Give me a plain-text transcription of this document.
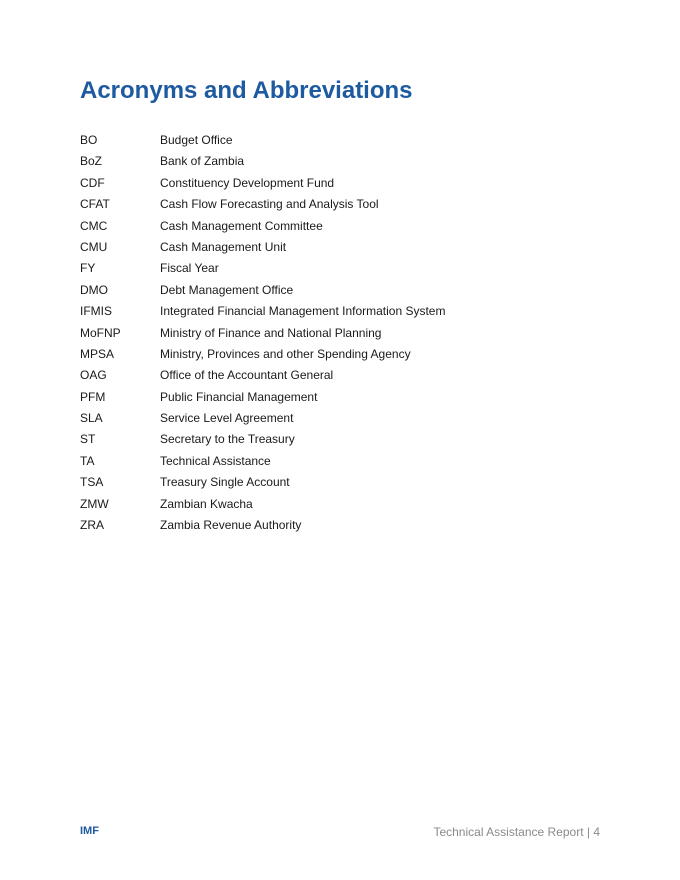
Acronyms and Abbreviations
BO	Budget Office
BoZ	Bank of Zambia
CDF	Constituency Development Fund
CFAT	Cash Flow Forecasting and Analysis Tool
CMC	Cash Management Committee
CMU	Cash Management Unit
FY	Fiscal Year
DMO	Debt Management Office
IFMIS	Integrated Financial Management Information System
MoFNP	Ministry of Finance and National Planning
MPSA	Ministry, Provinces and other Spending Agency
OAG	Office of the Accountant General
PFM	Public Financial Management
SLA	Service Level Agreement
ST	Secretary to the Treasury
TA	Technical Assistance
TSA	Treasury Single Account
ZMW	Zambian Kwacha
ZRA	Zambia Revenue Authority
IMF	Technical Assistance Report | 4
